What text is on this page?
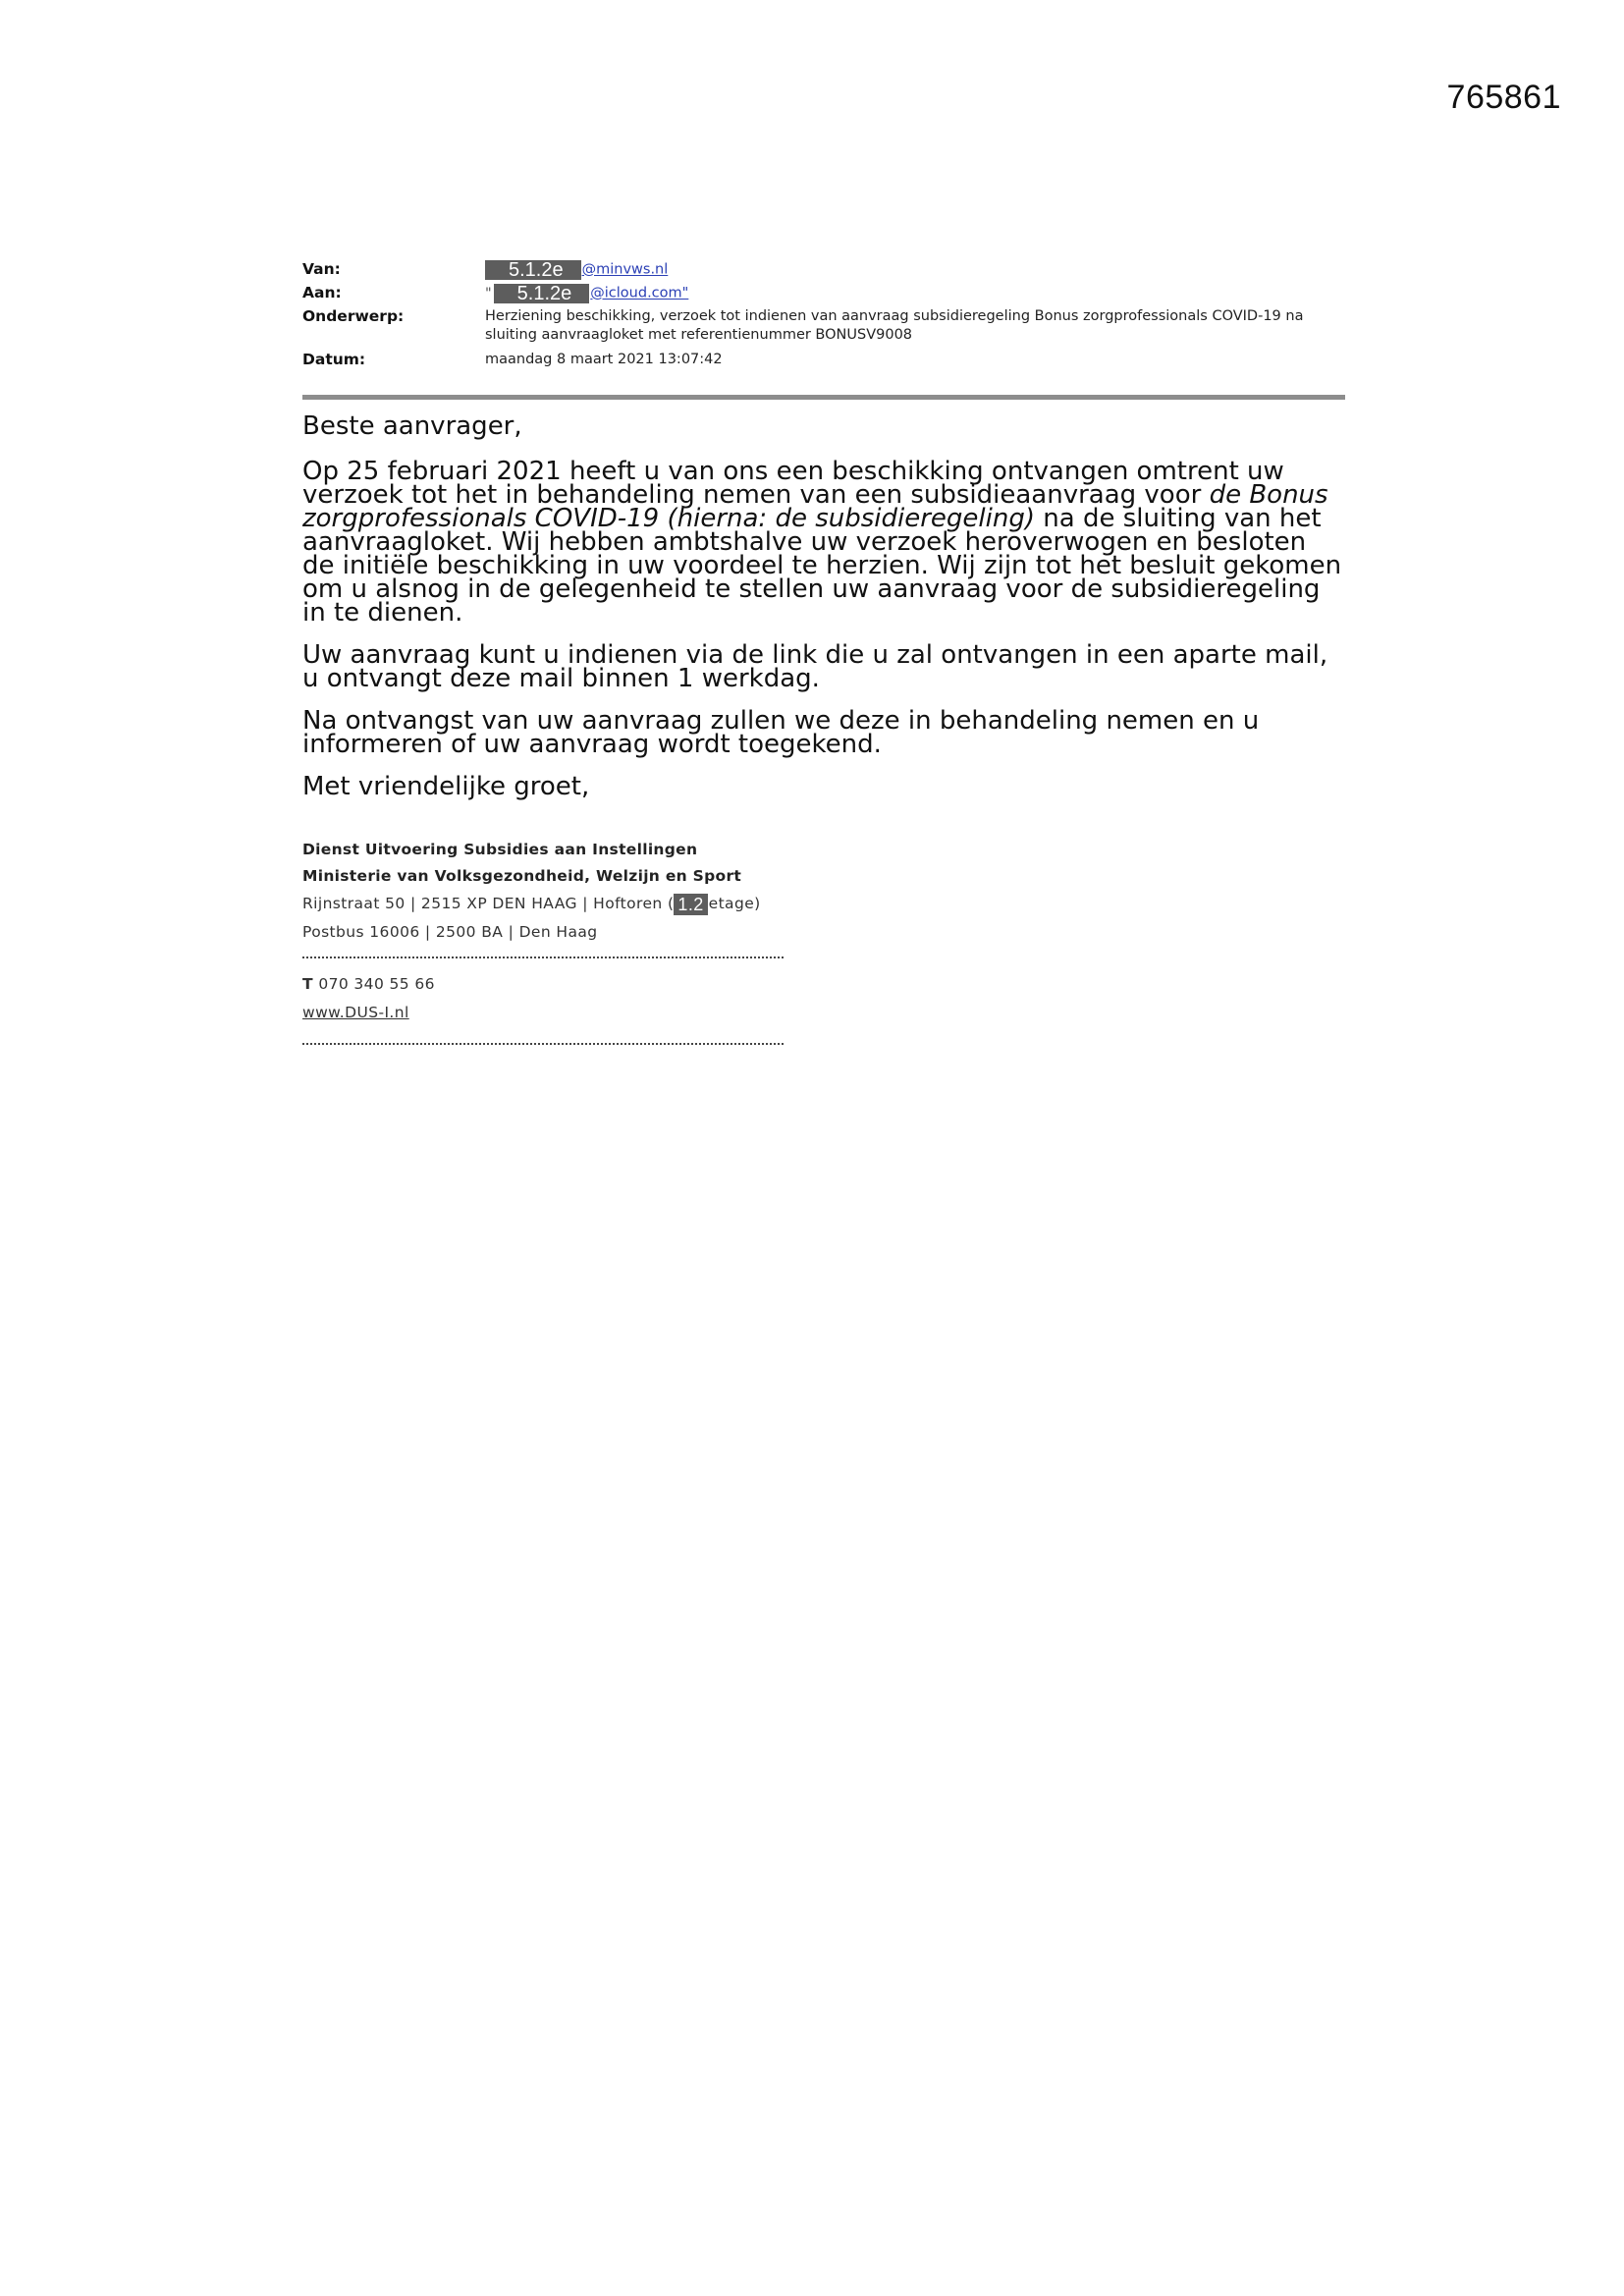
765861
Van:	5.1.2e @minvws.nl
Aan:	" 5.1.2e @icloud.com"
Onderwerp:	Herziening beschikking, verzoek tot indienen van aanvraag subsidieregeling Bonus zorgprofessionals COVID-19 na sluiting aanvraagloket met referentienummer BONUSV9008
Datum:	maandag 8 maart 2021 13:07:42

Beste aanvrager,

Op 25 februari 2021 heeft u van ons een beschikking ontvangen omtrent uw verzoek tot het in behandeling nemen van een subsidieaanvraag voor de Bonus zorgprofessionals COVID-19 (hierna: de subsidieregeling) na de sluiting van het aanvraagloket. Wij hebben ambtshalve uw verzoek heroverwogen en besloten de initiële beschikking in uw voordeel te herzien. Wij zijn tot het besluit gekomen om u alsnog in de gelegenheid te stellen uw aanvraag voor de subsidieregeling in te dienen.

Uw aanvraag kunt u indienen via de link die u zal ontvangen in een aparte mail, u ontvangt deze mail binnen 1 werkdag.

Na ontvangst van uw aanvraag zullen we deze in behandeling nemen en u informeren of uw aanvraag wordt toegekend.

Met vriendelijke groet,

Dienst Uitvoering Subsidies aan Instellingen
Ministerie van Volksgezondheid, Welzijn en Sport
Rijnstraat 50 | 2515 XP DEN HAAG | Hoftoren ( 1.2 etage)
Postbus 16006 | 2500 BA | Den Haag
T 070 340 55 66
www.DUS-I.nl
